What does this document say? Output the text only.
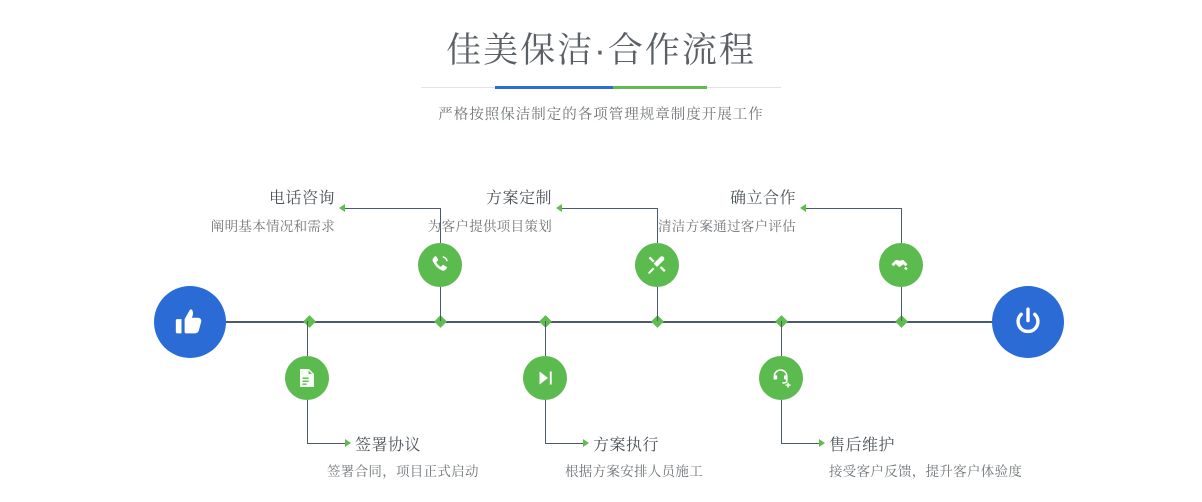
佳美保洁·合作流程
严格按照保洁制定的各项管理规章制度开展工作
电话咨询
阐明基本情况和需求
方案定制
为客户提供项目策划
确立合作
清洁方案通过客户评估
签署协议
签署合同，项目正式启动
方案执行
根据方案安排人员施工
售后维护
接受客户反馈，提升客户体验度
